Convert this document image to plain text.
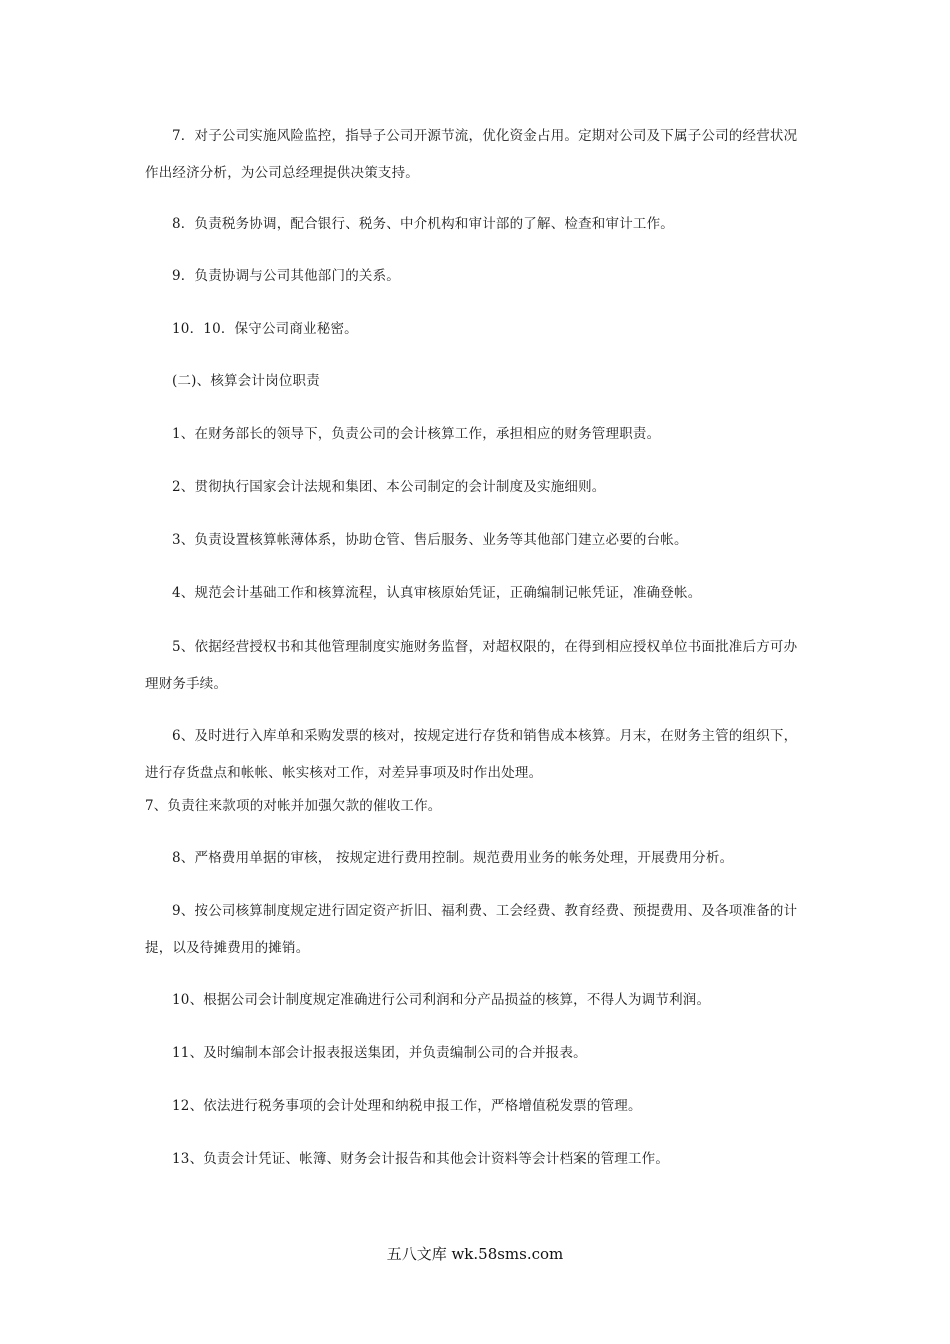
7．对子公司实施风险监控，指导子公司开源节流，优化资金占用。定期对公司及下属子公司的经营状况作出经济分析，为公司总经理提供决策支持。

8．负责税务协调，配合银行、税务、中介机构和审计部的了解、检查和审计工作。

9．负责协调与公司其他部门的关系。

10．10．保守公司商业秘密。

(二)、核算会计岗位职责

1、在财务部长的领导下，负责公司的会计核算工作，承担相应的财务管理职责。

2、贯彻执行国家会计法规和集团、本公司制定的会计制度及实施细则。

3、负责设置核算帐薄体系，协助仓管、售后服务、业务等其他部门建立必要的台帐。

4、规范会计基础工作和核算流程，认真审核原始凭证，正确编制记帐凭证，准确登帐。

5、依据经营授权书和其他管理制度实施财务监督，对超权限的，在得到相应授权单位书面批准后方可办理财务手续。

6、及时进行入库单和采购发票的核对，按规定进行存货和销售成本核算。月末，在财务主管的组织下，进行存货盘点和帐帐、帐实核对工作，对差异事项及时作出处理。

7、负责往来款项的对帐并加强欠款的催收工作。

8、严格费用单据的审核， 按规定进行费用控制。规范费用业务的帐务处理，开展费用分析。

9、按公司核算制度规定进行固定资产折旧、福利费、工会经费、教育经费、预提费用、及各项准备的计提，以及待摊费用的摊销。

10、根据公司会计制度规定准确进行公司利润和分产品损益的核算，不得人为调节利润。

11、及时编制本部会计报表报送集团，并负责编制公司的合并报表。

12、依法进行税务事项的会计处理和纳税申报工作，严格增值税发票的管理。

13、负责会计凭证、帐簿、财务会计报告和其他会计资料等会计档案的管理工作。

五八文库 wk.58sms.com
